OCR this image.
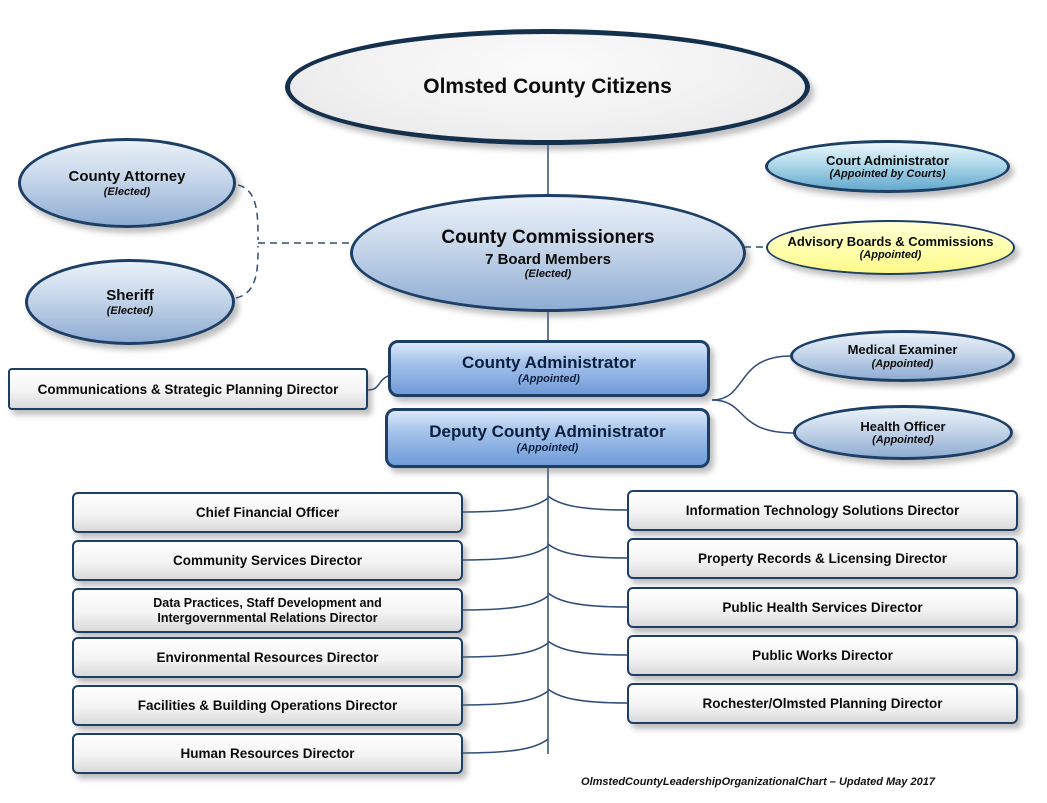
Olmsted County Citizens
County Attorney
(Elected)
Sheriff
(Elected)
County Commissioners
7 Board Members
(Elected)
Court Administrator
(Appointed by Courts)
Advisory Boards & Commissions
(Appointed)
County Administrator
(Appointed)
Communications & Strategic Planning Director
Deputy County Administrator
(Appointed)
Medical Examiner
(Appointed)
Health Officer
(Appointed)
Chief Financial Officer
Community Services Director
Data Practices, Staff Development and Intergovernmental Relations Director
Environmental Resources Director
Facilities & Building Operations Director
Human Resources Director
Information Technology Solutions Director
Property Records & Licensing Director
Public Health Services Director
Public Works Director
Rochester/Olmsted Planning Director
OlmstedCountyLeadershipOrganizationalChart – Updated May 2017
